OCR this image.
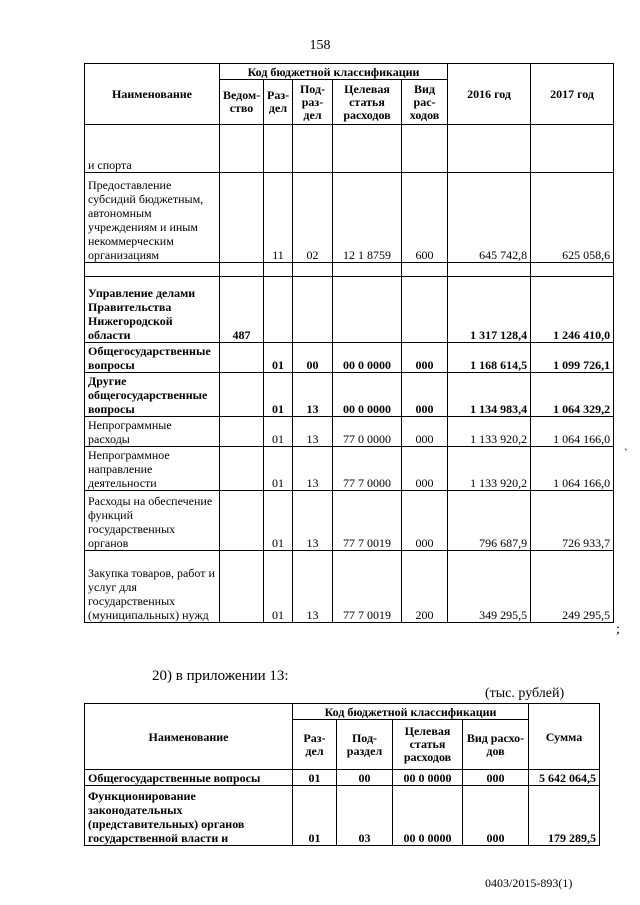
158
Наименование	Код бюджетной классификации					2016 год	2017 год
	Ведом-ство	Раз-дел	Под-раз-дел	Целевая статья расходов	Вид рас-ходов		
и спорта							
Предоставление субсидий бюджетным, автономным учреждениям и иным некоммерческим организациям		11	02	12 1 8759	600	645 742,8	625 058,6

Управление делами Правительства Нижегородской области	487					1 317 128,4	1 246 410,0
Общегосударственные вопросы		01	00	00 0 0000	000	1 168 614,5	1 099 726,1
Другие общегосударственные вопросы		01	13	00 0 0000	000	1 134 983,4	1 064 329,2
Непрограммные расходы		01	13	77 0 0000	000	1 133 920,2	1 064 166,0
Непрограммное направление деятельности		01	13	77 7 0000	000	1 133 920,2	1 064 166,0
Расходы на обеспечение функций государственных органов		01	13	77 7 0019	000	796 687,9	726 933,7
Закупка товаров, работ и услуг для государственных (муниципальных) нужд		01	13	77 7 0019	200	349 295,5	249 295,5
`
;
20) в приложении 13:
(тыс. рублей)
Наименование	Код бюджетной классификации				Сумма
	Раз-дел	Под-раздел	Целевая статья расходов	Вид расхо-дов	
Общегосударственные вопросы	01	00	00 0 0000	000	5 642 064,5
Функционирование законодательных (представительных) органов государственной власти и	01	03	00 0 0000	000	179 289,5
0403/2015-893(1)
